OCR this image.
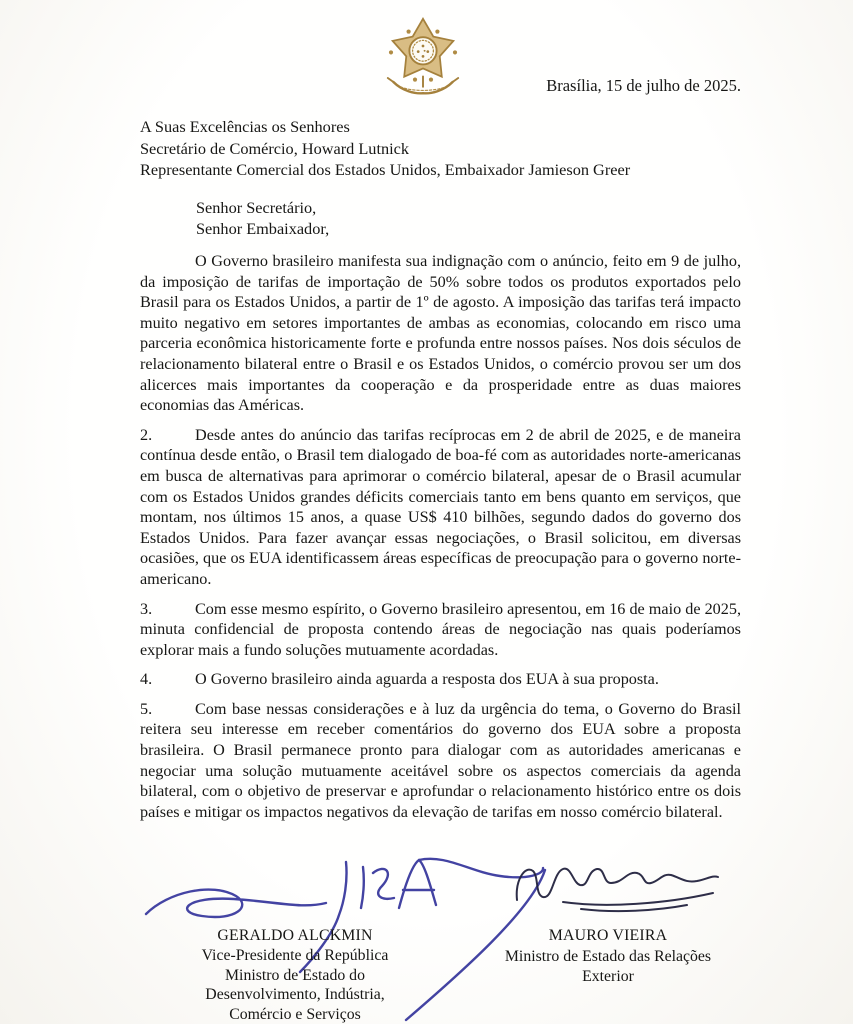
Brasília, 15 de julho de 2025.
A Suas Excelências os Senhores
Secretário de Comércio, Howard Lutnick
Representante Comercial dos Estados Unidos, Embaixador Jamieson Greer
Senhor Secretário,
Senhor Embaixador,

O Governo brasileiro manifesta sua indignação com o anúncio, feito em 9 de julho, da imposição de tarifas de importação de 50% sobre todos os produtos exportados pelo Brasil para os Estados Unidos, a partir de 1º de agosto. A imposição das tarifas terá impacto muito negativo em setores importantes de ambas as economias, colocando em risco uma parceria econômica historicamente forte e profunda entre nossos países. Nos dois séculos de relacionamento bilateral entre o Brasil e os Estados Unidos, o comércio provou ser um dos alicerces mais importantes da cooperação e da prosperidade entre as duas maiores economias das Américas.

2.	Desde antes do anúncio das tarifas recíprocas em 2 de abril de 2025, e de maneira contínua desde então, o Brasil tem dialogado de boa-fé com as autoridades norte-americanas em busca de alternativas para aprimorar o comércio bilateral, apesar de o Brasil acumular com os Estados Unidos grandes déficits comerciais tanto em bens quanto em serviços, que montam, nos últimos 15 anos, a quase US$ 410 bilhões, segundo dados do governo dos Estados Unidos. Para fazer avançar essas negociações, o Brasil solicitou, em diversas ocasiões, que os EUA identificassem áreas específicas de preocupação para o governo norte-americano.

3.	Com esse mesmo espírito, o Governo brasileiro apresentou, em 16 de maio de 2025, minuta confidencial de proposta contendo áreas de negociação nas quais poderíamos explorar mais a fundo soluções mutuamente acordadas.

4.	O Governo brasileiro ainda aguarda a resposta dos EUA à sua proposta.

5.	Com base nessas considerações e à luz da urgência do tema, o Governo do Brasil reitera seu interesse em receber comentários do governo dos EUA sobre a proposta brasileira. O Brasil permanece pronto para dialogar com as autoridades americanas e negociar uma solução mutuamente aceitável sobre os aspectos comerciais da agenda bilateral, com o objetivo de preservar e aprofundar o relacionamento histórico entre os dois países e mitigar os impactos negativos da elevação de tarifas em nosso comércio bilateral.

GERALDO ALCKMIN
Vice-Presidente da República
Ministro de Estado do
Desenvolvimento, Indústria,
Comércio e Serviços
MAURO VIEIRA
Ministro de Estado das Relações
Exterior
